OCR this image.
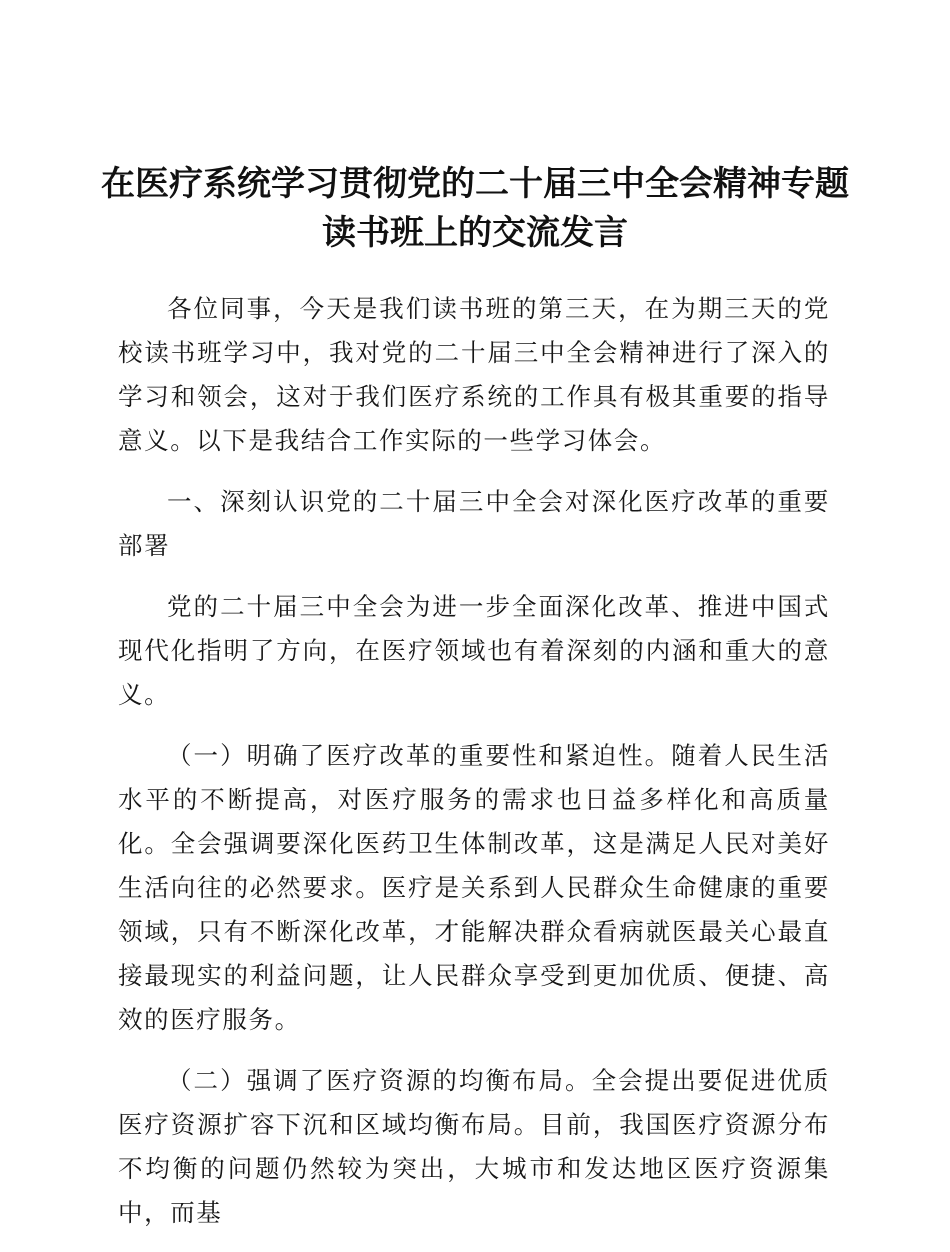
在医疗系统学习贯彻党的二十届三中全会精神专题读书班上的交流发言

各位同事，今天是我们读书班的第三天，在为期三天的党校读书班学习中，我对党的二十届三中全会精神进行了深入的学习和领会，这对于我们医疗系统的工作具有极其重要的指导意义。以下是我结合工作实际的一些学习体会。

一、深刻认识党的二十届三中全会对深化医疗改革的重要部署

党的二十届三中全会为进一步全面深化改革、推进中国式现代化指明了方向，在医疗领域也有着深刻的内涵和重大的意义。

（一）明确了医疗改革的重要性和紧迫性。随着人民生活水平的不断提高，对医疗服务的需求也日益多样化和高质量化。全会强调要深化医药卫生体制改革，这是满足人民对美好生活向往的必然要求。医疗是关系到人民群众生命健康的重要领域，只有不断深化改革，才能解决群众看病就医最关心最直接最现实的利益问题，让人民群众享受到更加优质、便捷、高效的医疗服务。

（二）强调了医疗资源的均衡布局。全会提出要促进优质医疗资源扩容下沉和区域均衡布局。目前，我国医疗资源分布不均衡的问题仍然较为突出，大城市和发达地区医疗资源集中，而基
